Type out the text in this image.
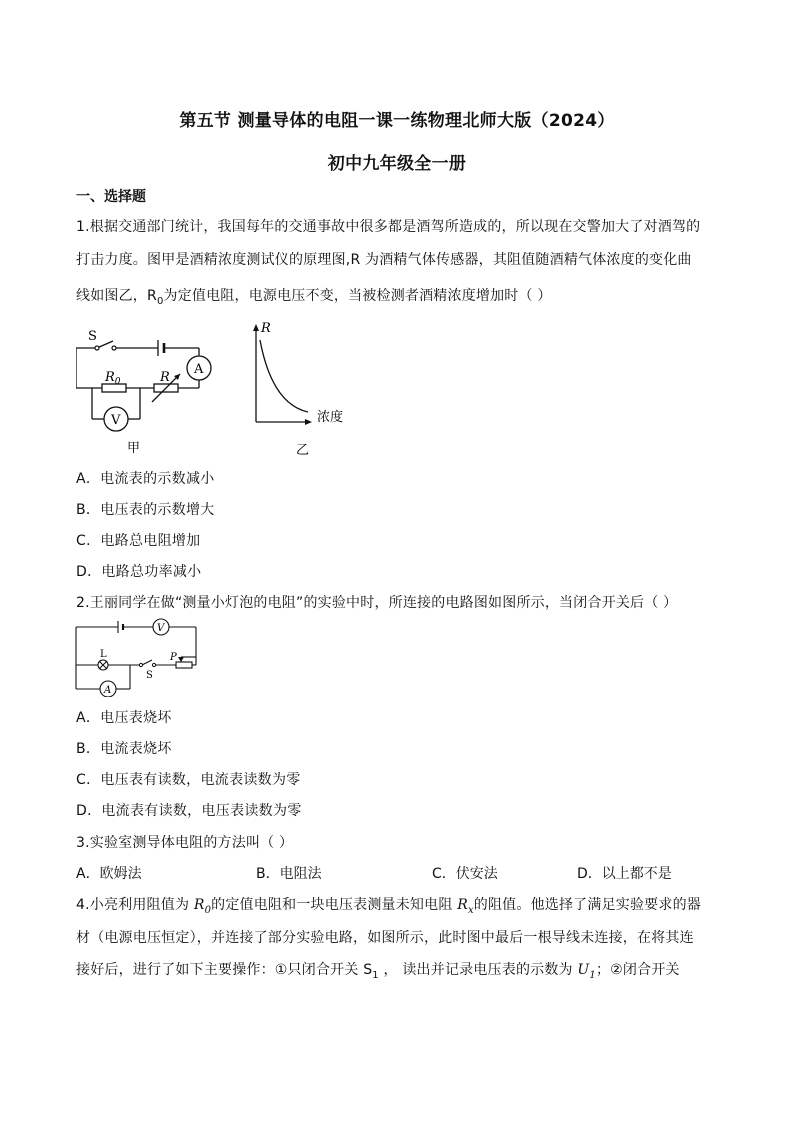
第五节 测量导体的电阻一课一练物理北师大版（2024）
初中九年级全一册
一、选择题
1.根据交通部门统计，我国每年的交通事故中很多都是酒驾所造成的，所以现在交警加大了对酒驾的
打击力度。图甲是酒精浓度测试仪的原理图,R 为酒精气体传感器，其阻值随酒精气体浓度的变化曲
线如图乙，$R_0$为定值电阻，电源电压不变，当被检测者酒精浓度增加时（ ）
S
$R_0$	R
A
V
甲
R
浓度
乙
A．电流表的示数减小
B．电压表的示数增大
C．电路总电阻增加
D．电路总功率减小
2.王丽同学在做“测量小灯泡的电阻”的实验中时，所连接的电路图如图所示，当闭合开关后（ ）
V
A
L
S
P
A．电压表烧坏
B．电流表烧坏
C．电压表有读数，电流表读数为零
D．电流表有读数，电压表读数为零
3.实验室测导体电阻的方法叫（ ）
A．欧姆法	B．电阻法	C．伏安法	D．以上都不是
4.小亮利用阻值为 $R_0$的定值电阻和一块电压表测量未知电阻 $R_x$的阻值。他选择了满足实验要求的器
材（电源电压恒定），并连接了部分实验电路，如图所示，此时图中最后一根导线未连接，在将其连
接好后，进行了如下主要操作：①只闭合开关 $S_1$ ， 读出并记录电压表的示数为 $U_1$；②闭合开关
